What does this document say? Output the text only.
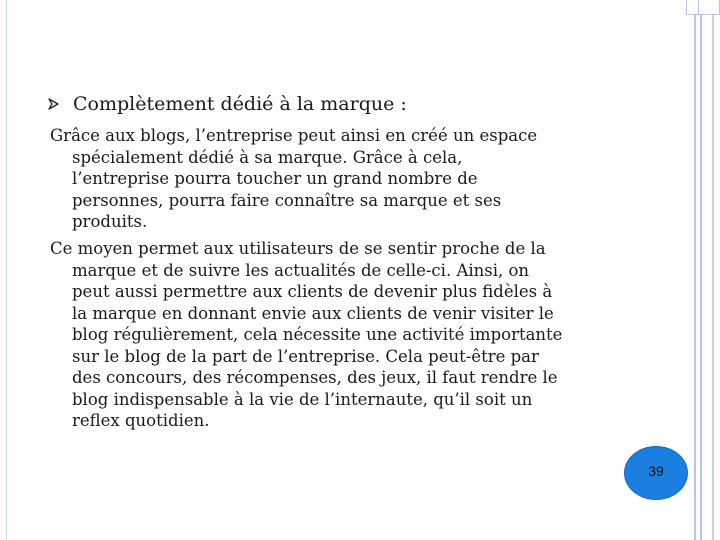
Complètement dédié à la marque :
Grâce aux blogs, l’entreprise peut ainsi en créé un espace
spécialement dédié à sa marque. Grâce à cela,
l’entreprise pourra toucher un grand nombre de
personnes, pourra faire connaître sa marque et ses
produits.
Ce moyen permet aux utilisateurs de se sentir proche de la
marque et de suivre les actualités de celle-ci. Ainsi, on
peut aussi permettre aux clients de devenir plus fidèles à
la marque en donnant envie aux clients de venir visiter le
blog régulièrement, cela nécessite une activité importante
sur le blog de la part de l’entreprise. Cela peut-être par
des concours, des récompenses, des jeux, il faut rendre le
blog indispensable à la vie de l’internaute, qu’il soit un
reflex quotidien.
39
